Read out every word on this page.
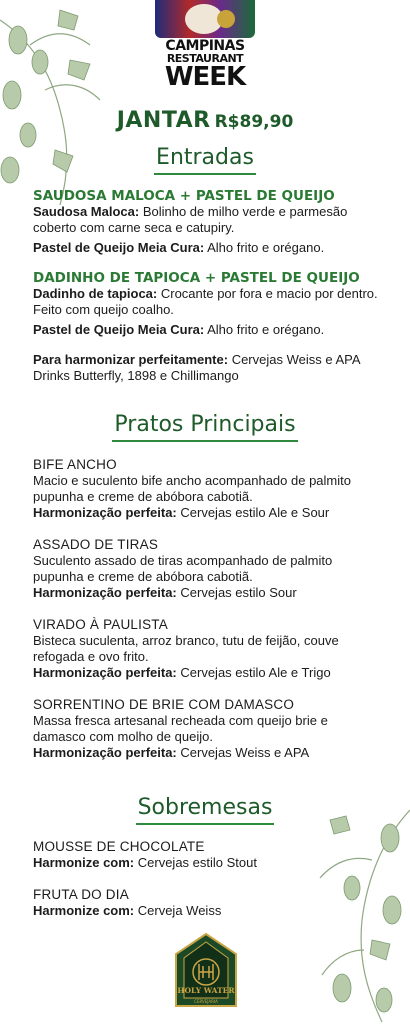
CAMPINAS
RESTAURANT
WEEK
JANTAR R$89,90
Entradas

SAUDOSA MALOCA + PASTEL DE QUEIJO

Saudosa Maloca: Bolinho de milho verde e parmesão coberto com carne seca e catupiry.

Pastel de Queijo Meia Cura: Alho frito e orégano.

DADINHO DE TAPIOCA + PASTEL DE QUEIJO

Dadinho de tapioca: Crocante por fora e macio por dentro. Feito com queijo coalho.

Pastel de Queijo Meia Cura: Alho frito e orégano.

Para harmonizar perfeitamente: Cervejas Weiss e APA Drinks Butterfly, 1898 e Chillimango

Pratos Principais

BIFE ANCHO

Macio e suculento bife ancho acompanhado de palmito pupunha e creme de abóbora cabotiã.

Harmonização perfeita: Cervejas estilo Ale e Sour

ASSADO DE TIRAS

Suculento assado de tiras acompanhado de palmito pupunha e creme de abóbora cabotiã.

Harmonização perfeita: Cervejas estilo Sour

VIRADO À PAULISTA

Bisteca suculenta, arroz branco, tutu de feijão, couve refogada e ovo frito.

Harmonização perfeita: Cervejas estilo Ale e Trigo

SORRENTINO DE BRIE COM DAMASCO

Massa fresca artesanal recheada com queijo brie e damasco com molho de queijo.

Harmonização perfeita: Cervejas Weiss e APA

Sobremesas

MOUSSE DE CHOCOLATE

Harmonize com: Cervejas estilo Stout

FRUTA DO DIA

Harmonize com: Cerveja Weiss

HOLY WATER
CERVEJARIA
